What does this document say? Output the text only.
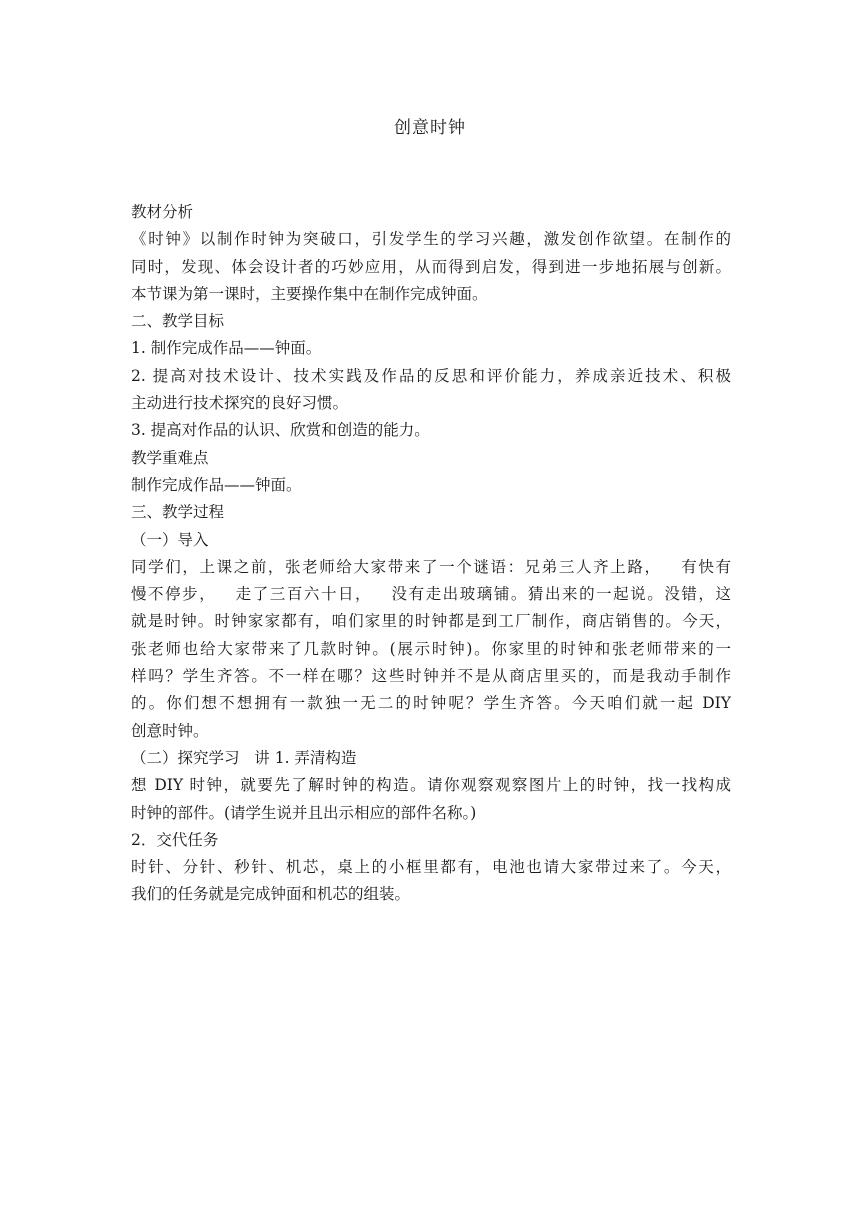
创意时钟
教材分析
《时钟》以制作时钟为突破口，引发学生的学习兴趣，激发创作欲望。在制作的
同时，发现、体会设计者的巧妙应用，从而得到启发，得到进一步地拓展与创新。
本节课为第一课时，主要操作集中在制作完成钟面。
二、教学目标
1. 制作完成作品——钟面。
2. 提高对技术设计、技术实践及作品的反思和评价能力，养成亲近技术、积极
主动进行技术探究的良好习惯。
3. 提高对作品的认识、欣赏和创造的能力。
教学重难点
制作完成作品——钟面。
三、教学过程
（一）导入
同学们，上课之前，张老师给大家带来了一个谜语：兄弟三人齐上路，   有快有
慢不停步，   走了三百六十日，   没有走出玻璃铺。猜出来的一起说。没错，这
就是时钟。时钟家家都有，咱们家里的时钟都是到工厂制作，商店销售的。今天，
张老师也给大家带来了几款时钟。(展示时钟)。你家里的时钟和张老师带来的一
样吗？学生齐答。不一样在哪？这些时钟并不是从商店里买的，而是我动手制作
的。你们想不想拥有一款独一无二的时钟呢？学生齐答。今天咱们就一起 DIY
创意时钟。
（二）探究学习   讲 1. 弄清构造
想 DIY 时钟，就要先了解时钟的构造。请你观察观察图片上的时钟，找一找构成
时钟的部件。(请学生说并且出示相应的部件名称。)
2．交代任务
时针、分针、秒针、机芯，桌上的小框里都有，电池也请大家带过来了。今天，
我们的任务就是完成钟面和机芯的组装。
